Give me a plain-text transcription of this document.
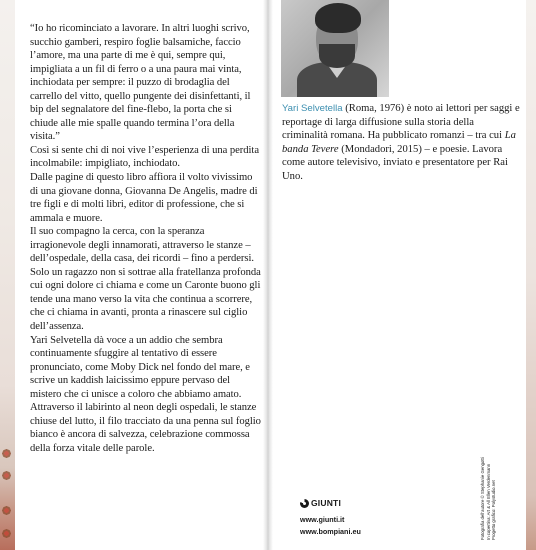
“Io ho ricominciato a lavorare. In altri luoghi scrivo, succhio gamberi, respiro foglie balsamiche, faccio l’amore, ma una parte di me è qui, sempre qui, impigliata a un fil di ferro o a una paura mai vinta, inchiodata per sempre: il puzzo di brodaglia del carrello del vitto, quello pungente dei disinfettanti, il bip del segnalatore del fine-flebo, la porta che si chiude alle mie spalle quando termina l’ora della visita.”

Così si sente chi di noi vive l’esperienza di una perdita incolmabile: impigliato, inchiodato.

Dalle pagine di questo libro affiora il volto vivissimo di una giovane donna, Giovanna De Angelis, madre di tre figli e di molti libri, editor di professione, che si ammala e muore.

Il suo compagno la cerca, con la speranza irragionevole degli innamorati, attraverso le stanze – dell’ospedale, della casa, dei ricordi – fino a perdersi. Solo un ragazzo non si sottrae alla fratellanza profonda cui ogni dolore ci chiama e come un Caronte buono gli tende una mano verso la vita che continua a scorrere, che ci chiama in avanti, pronta a rinascere sul ciglio dell’assenza.

Yari Selvetella dà voce a un addio che sembra continuamente sfuggire al tentativo di essere pronunciato, come Moby Dick nel fondo del mare, e scrive un kaddish laicissimo eppure pervaso del mistero che ci unisce a coloro che abbiamo amato. Attraverso il labirinto al neon degli ospedali, le stanze chiuse del lutto, il filo tracciato da una penna sul foglio bianco è ancora di salvezza, celebrazione commossa della forza vitale delle parole.

Yari Selvetella (Roma, 1976) è noto ai lettori per saggi e reportage di larga diffusione sulla storia della criminalità romana. Ha pubblicato romanzi – tra cui La banda Tevere (Mondadori, 2015) – e poesie. Lavora come autore televisivo, inviato e presentatore per Rai Uno.
Fotografia dell’autore © Stephanie Gengotti In copertina: Art & All Ellen Verdenmann Progetto grafico: Polystudio.net
GIUNTI
www.giunti.it
www.bompiani.eu
